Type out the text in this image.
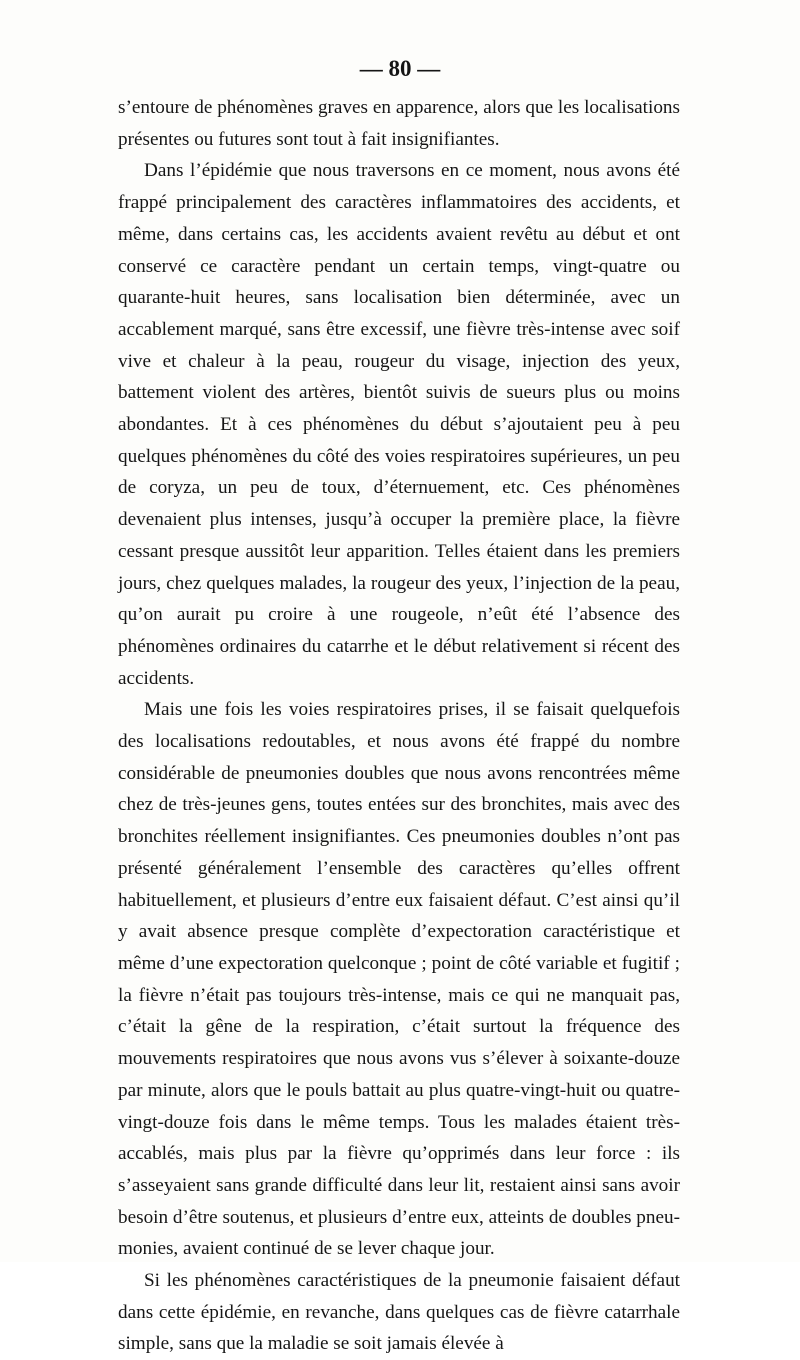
— 80 —

s’entoure de phénomènes graves en apparence, alors que les localisations présentes ou futures sont tout à fait insignifiantes.

Dans l’épidémie que nous traversons en ce moment, nous avons été frappé principalement des caractères inflammatoires des accidents, et même, dans certains cas, les accidents avaient revêtu au début et ont conservé ce caractère pendant un certain temps, vingt-quatre ou quarante-huit heures, sans localisation bien déterminée, avec un accablement marqué, sans être excessif, une fièvre très-intense avec soif vive et chaleur à la peau, rougeur du visage, injection des yeux, battement violent des artères, bientôt suivis de sueurs plus ou moins abondantes. Et à ces phénomènes du début s’ajoutaient peu à peu quelques phénomènes du côté des voies respiratoires supérieures, un peu de coryza, un peu de toux, d’éternuement, etc. Ces phénomènes devenaient plus intenses, jusqu’à occuper la première place, la fièvre cessant presque aussitôt leur apparition. Telles étaient dans les premiers jours, chez quelques malades, la rougeur des yeux, l’injection de la peau, qu’on aurait pu croire à une rougeole, n’eût été l’absence des phénomènes ordinaires du catarrhe et le début relativement si récent des accidents.

Mais une fois les voies respiratoires prises, il se faisait quelquefois des localisations redoutables, et nous avons été frappé du nombre considérable de pneumonies doubles que nous avons rencontrées même chez de très-jeunes gens, toutes entées sur des bronchites, mais avec des bronchites réellement insignifiantes. Ces pneumonies doubles n’ont pas présenté généralement l’ensemble des caractères qu’elles offrent habituellement, et plusieurs d’entre eux faisaient défaut. C’est ainsi qu’il y avait absence presque complète d’expectoration caractéristique et même d’une expectoration quelconque ; point de côté variable et fugitif ; la fièvre n’était pas toujours très-intense, mais ce qui ne manquait pas, c’était la gêne de la respiration, c’était surtout la fréquence des mouvements respiratoires que nous avons vus s’élever à soixante-douze par minute, alors que le pouls battait au plus quatre-vingt-huit ou quatre-vingt-douze fois dans le même temps. Tous les malades étaient très-accablés, mais plus par la fièvre qu’opprimés dans leur force : ils s’asseyaient sans grande difficulté dans leur lit, restaient ainsi sans avoir besoin d’être soutenus, et plusieurs d’entre eux, atteints de doubles pneumonies, avaient continué de se lever chaque jour.

Si les phénomènes caractéristiques de la pneumonie faisaient défaut dans cette épidémie, en revanche, dans quelques cas de fièvre catarrhale simple, sans que la maladie se soit jamais élevée à
